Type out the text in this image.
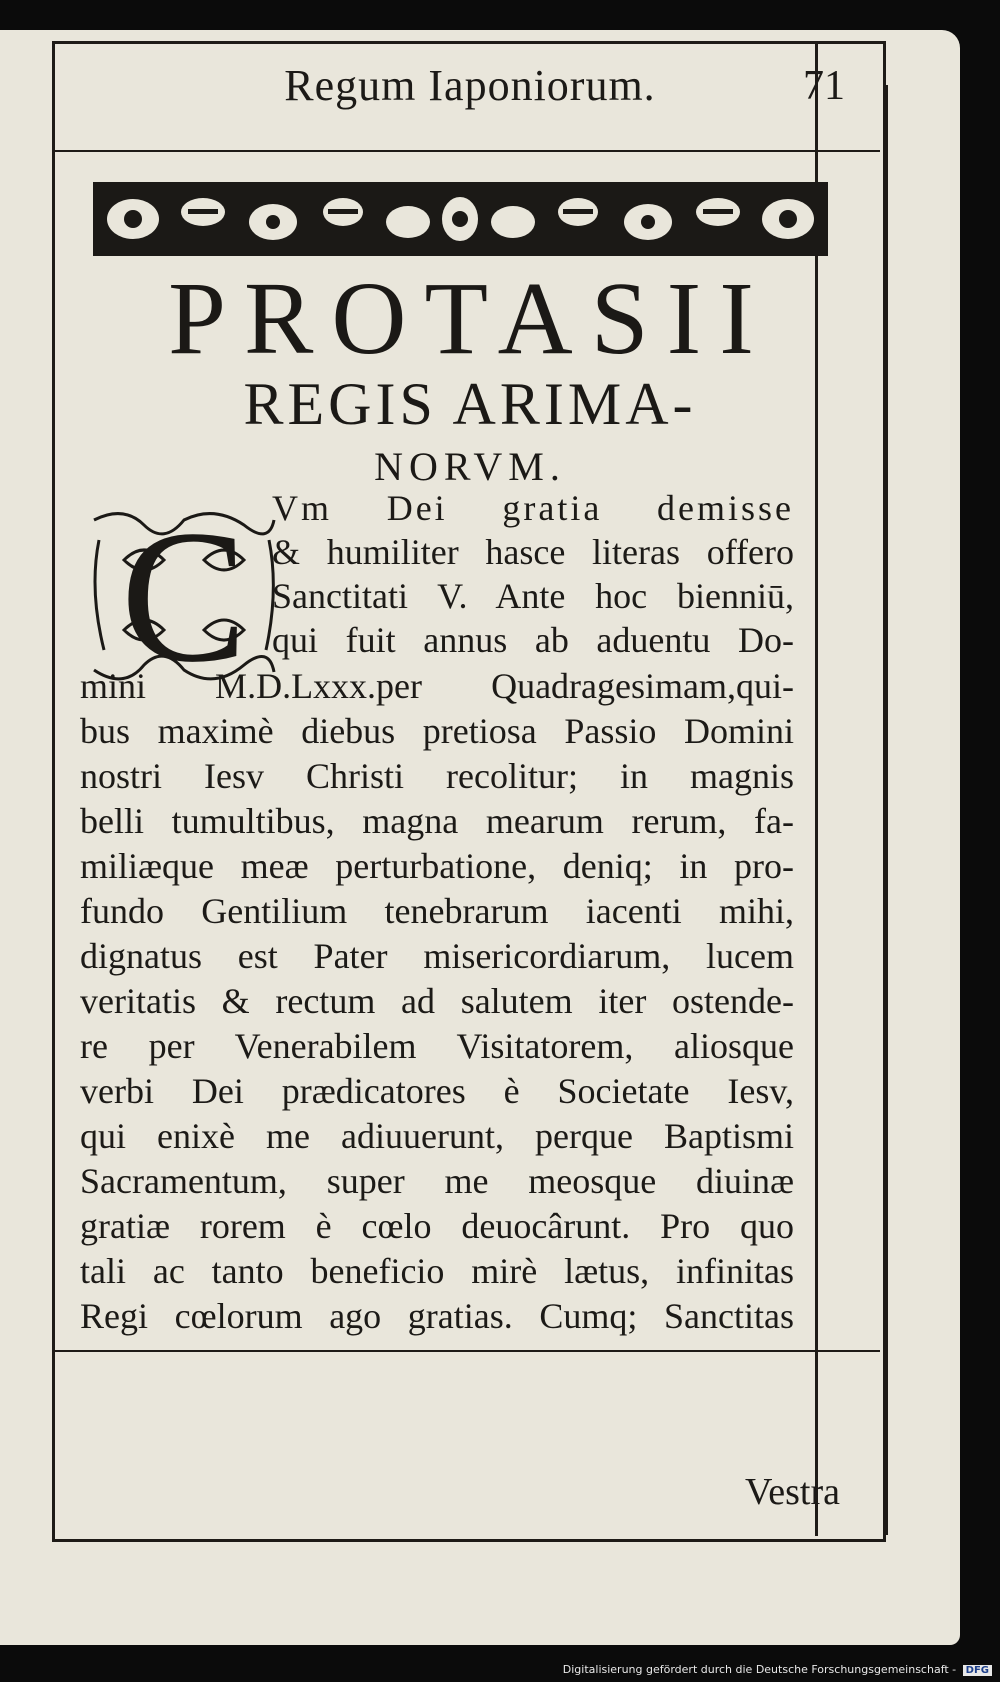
Regum Iaponiorum.	71
PROTASII
REGIS ARIMA-
NORVM.
C Vm Dei gratia demisse
& humiliter hasce literas offero
Sanctitati V. Ante hoc bienniū,
qui fuit annus ab aduentu Do-
mini M.D.Lxxx.per Quadragesimam,qui-
bus maximè diebus pretiosa Passio Domini
nostri Iesv Christi recolitur; in magnis
belli tumultibus, magna mearum rerum, fa-
miliæque meæ perturbatione, deniq; in pro-
fundo Gentilium tenebrarum iacenti mihi,
dignatus est Pater misericordiarum, lucem
veritatis & rectum ad salutem iter ostende-
re per Venerabilem Visitatorem, aliosque
verbi Dei prædicatores è Societate Iesv,
qui enixè me adiuuerunt, perque Baptismi
Sacramentum, super me meosque diuinæ
gratiæ rorem è cœlo deuocârunt. Pro quo
tali ac tanto beneficio mirè lætus, infinitas
Regi cœlorum ago gratias. Cumq; Sanctitas
Vestra
Digitalisierung gefördert durch die Deutsche Forschungsgemeinschaft - DFG
